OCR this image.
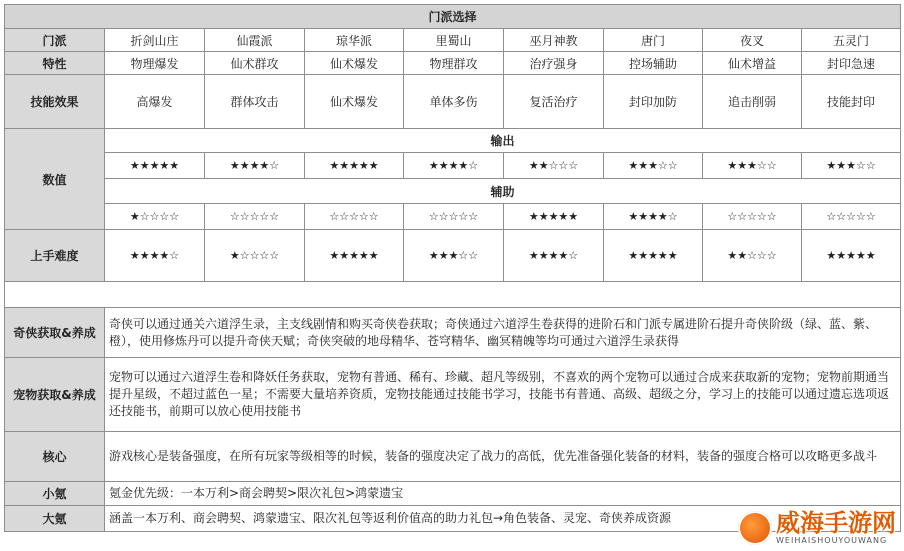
门派选择								
门派	折剑山庄	仙霞派	琼华派	里蜀山	巫月神教	唐门	夜叉	五灵门
特性	物理爆发	仙术群攻	仙术爆发	物理群攻	治疗强身	控场辅助	仙术增益	封印急速
技能效果	高爆发	群体攻击	仙术爆发	单体多伤	复活治疗	封印加防	追击削弱	技能封印
数值	输出							
	★★★★★	★★★★☆	★★★★★	★★★★☆	★★☆☆☆	★★★☆☆	★★★☆☆	★★★☆☆
	辅助							
	★☆☆☆☆	☆☆☆☆☆	☆☆☆☆☆	☆☆☆☆☆	★★★★★	★★★★☆	☆☆☆☆☆	☆☆☆☆☆
上手难度	★★★★☆	★☆☆☆☆	★★★★★	★★★☆☆	★★★★☆	★★★★★	★★☆☆☆	★★★★★

奇侠获取&养成	奇侠可以通过通关六道浮生录，主支线剧情和购买奇侠卷获取；奇侠通过六道浮生卷获得的进阶石和门派专属进阶石提升奇侠阶级（绿、蓝、紫、橙），使用修炼丹可以提升奇侠天赋；奇侠突破的地母精华、苍穹精华、幽冥精魄等均可通过六道浮生录获得							
宠物获取&养成	宠物可以通过六道浮生卷和降妖任务获取，宠物有普通、稀有、珍藏、超凡等级别，不喜欢的两个宠物可以通过合成来获取新的宠物；宠物前期通当提升星级，不超过蓝色一星；不需要大量培养资质，宠物技能通过技能书学习，技能书有普通、高级、超级之分，学习上的技能可以通过遗忘选项返还技能书，前期可以放心使用技能书							
核心	游戏核心是装备强度，在所有玩家等级相等的时候，装备的强度决定了战力的高低，优先准备强化装备的材料，装备的强度合格可以攻略更多战斗							
小氪	氪金优先级：一本万利>商会聘契>限次礼包>鸿蒙遗宝							
大氪	涵盖一本万利、商会聘契、鸿蒙遗宝、限次礼包等返利价值高的助力礼包→角色装备、灵宠、奇侠养成资源								威海手游网
WEIHAISHOUYOUWANG
